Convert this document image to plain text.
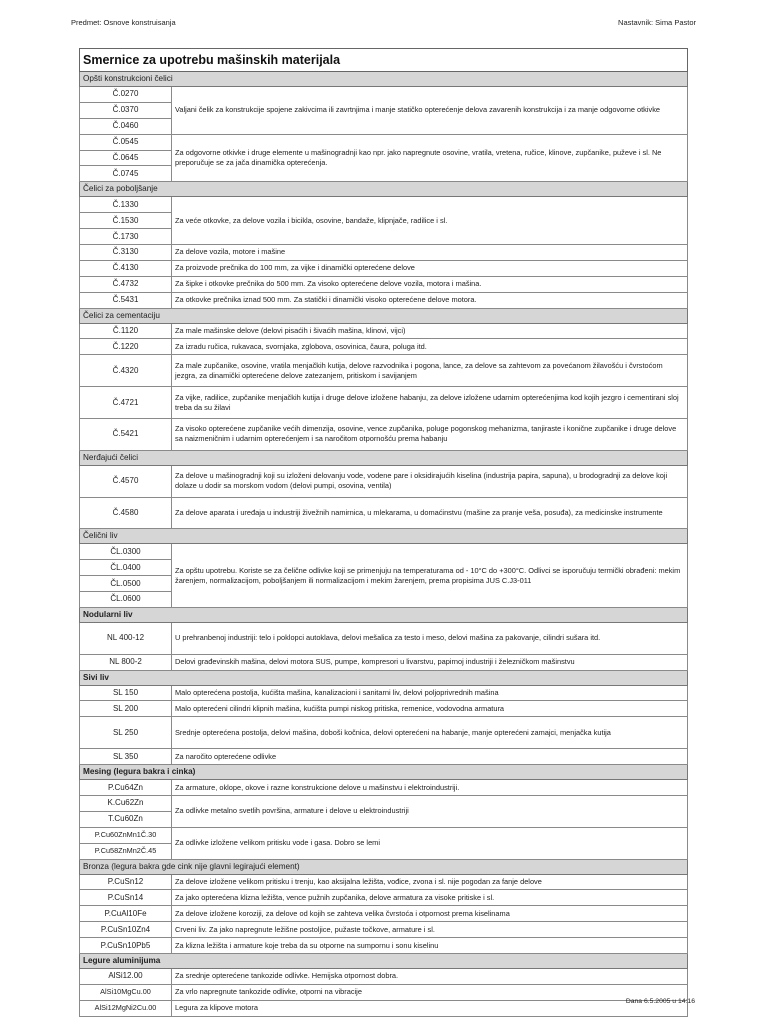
Predmet: Osnove konstruisanja	Nastavnik: Sima Pastor
Smernice za upotrebu mašinskih materijala	
Opšti konstrukcioni čelici	
Č.0270	Valjani čelik za konstrukcije spojene zakivcima ili zavrtnjima i manje statičko opterećenje delova zavarenih konstrukcija i za manje odgovorne otkivke
Č.0370	
Č.0460	
Č.0545	Za odgovorne otkivke i druge elemente u mašinogradnji kao npr. jako napregnute osovine, vratila, vretena, ručice, klinove, zupčanike, puževe i sl. Ne preporučuje se za jača dinamička opterećenja.
Č.0645	
Č.0745	
Čelici za poboljšanje	
Č.1330	Za veće otkovke, za delove vozila i bicikla, osovine, bandaže, klipnjače, radilice i sl.
Č.1530	
Č.1730	
Č.3130	Za delove vozila, motore i mašine
Č.4130	Za proizvode prečnika do 100 mm, za vijke i dinamički opterećene delove
Č.4732	Za šipke i otkovke prečnika do 500 mm. Za visoko opterećene delove vozila, motora i mašina.
Č.5431	Za otkovke prečnika iznad 500 mm. Za statički i dinamički visoko opterećene delove motora.
Čelici za cementaciju	
Č.1120	Za male mašinske delove (delovi pisaćih i šivaćih mašina, klinovi, vijci)
Č.1220	Za izradu ručica, rukavaca, svornjaka, zglobova, osovinica, čaura, poluga itd.
Č.4320	Za male zupčanike, osovine, vratila menjačkih kutija, delove razvodnika i pogona, lance, za delove sa zahtevom za povećanom žilavošću i čvrstoćom jezgra, za dinamički opterećene delove zatezanjem, pritiskom i savijanjem
Č.4721	Za vijke, radilice, zupčanike menjačkih kutija i druge delove izložene habanju, za delove izložene udarnim opterećenjima kod kojih jezgro i cementirani sloj treba da su žilavi
Č.5421	Za visoko opterećene zupčanike većih dimenzija, osovine, vence zupčanika, poluge pogonskog mehanizma, tanjiraste i konične zupčanike i druge delove sa naizmeničnim i udarnim opterećenjem i sa naročitom otpornošću prema habanju
Nerđajući čelici	
Č.4570	Za delove u mašinogradnji koji su izloženi delovanju vode, vodene pare i oksidirajućih kiselina (industrija papira, sapuna), u brodogradnji za delove koji dolaze u dodir sa morskom vodom (delovi pumpi, osovina, ventila)
Č.4580	Za delove aparata i uređaja u industriji živežnih namirnica, u mlekarama, u domaćinstvu (mašine za pranje veša, posuđa), za medicinske instrumente
Čelični liv	
ČL.0300	Za opštu upotrebu. Koriste se za čelične odlivke koji se primenjuju na temperaturama od - 10°C do +300°C. Odlivci se isporučuju termički obrađeni: mekim žarenjem, normalizacijom, poboljšanjem ili normalizacijom i mekim žarenjem, prema propisima JUS C.J3-011
ČL.0400	
ČL.0500	
ČL.0600	
Nodularni liv	
NL 400-12	U prehranbenoj industriji: telo i poklopci autoklava, delovi mešalica za testo i meso, delovi mašina za pakovanje, cilindri sušara itd.
NL 800-2	Delovi građevinskih mašina, delovi motora SUS, pumpe, kompresori u livarstvu, papirnoj industriji i železničkom mašinstvu
Sivi liv	
SL 150	Malo opterećena postolja, kućišta mašina, kanalizacioni i sanitarni liv, delovi poljoprivrednih mašina
SL 200	Malo opterećeni cilindri klipnih mašina, kućišta pumpi niskog pritiska, remenice, vodovodna armatura
SL 250	Srednje opterećena postolja, delovi mašina, doboši kočnica, delovi opterećeni na habanje, manje opterećeni zamajci, menjačka kutija
SL 350	Za naročito opterećene odlivke
Mesing (legura bakra i cinka)	
P.Cu64Zn	Za armature, oklope, okove i razne konstrukcione delove u mašinstvu i elektroindustriji.
K.Cu62Zn	Za odlivke metalno svetlih površina, armature i delove u elektroindustriji
T.Cu60Zn	
P.Cu60ZnMn1Č.30	Za odlivke izložene velikom pritisku vode i gasa. Dobro se lemi
P.Cu58ZnMn2Č.45	
Bronza (legura bakra gde cink nije glavni legirajući element)	
P.CuSn12	Za delove izložene velikom pritisku i trenju, kao aksijalna ležišta, vođice, zvona i sl. nije pogodan za fanje delove
P.CuSn14	Za jako opterećena klizna ležišta, vence pužnih zupčanika, delove armatura za visoke pritiske i sl.
P.CuAl10Fe	Za delove izložene koroziji, za delove od kojih se zahteva velika čvrstoća i otpornost prema kiselinama
P.CuSn10Zn4	Crveni liv. Za jako napregnute ležišne postoljice, pužaste točkove, armature i sl.
P.CuSn10Pb5	Za klizna ležišta i armature koje treba da su otporne na sumpornu i sonu kiselinu
Legure aluminijuma	
AlSi12.00	Za srednje opterećene tankozide odlivke. Hemijska otpornost dobra.
AlSi10MgCu.00	Za vrlo napregnute tankozide odlivke, otporni na vibracije
AlSi12MgNi2Cu.00	Legura za klipove motora
Dana 6.5.2005 u 14:16
